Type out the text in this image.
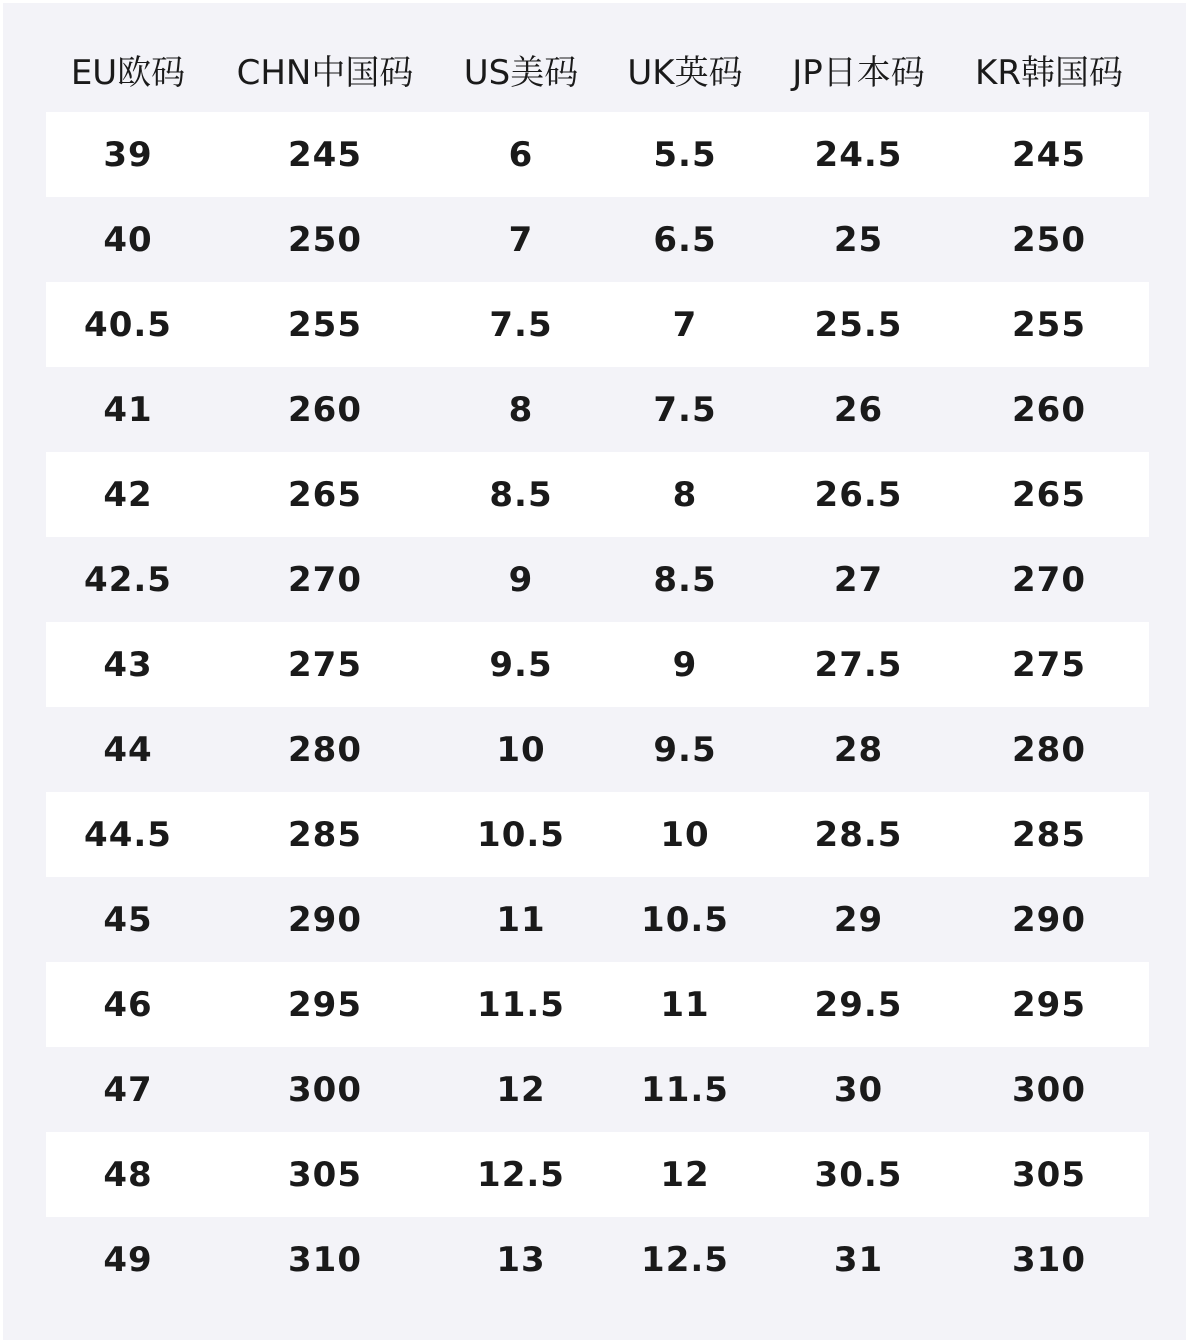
EU欧码	CHN中国码	US美码	UK英码	JP日本码	KR韩国码
39	245	6	5.5	24.5	245
40	250	7	6.5	25	250
40.5	255	7.5	7	25.5	255
41	260	8	7.5	26	260
42	265	8.5	8	26.5	265
42.5	270	9	8.5	27	270
43	275	9.5	9	27.5	275
44	280	10	9.5	28	280
44.5	285	10.5	10	28.5	285
45	290	11	10.5	29	290
46	295	11.5	11	29.5	295
47	300	12	11.5	30	300
48	305	12.5	12	30.5	305
49	310	13	12.5	31	310
